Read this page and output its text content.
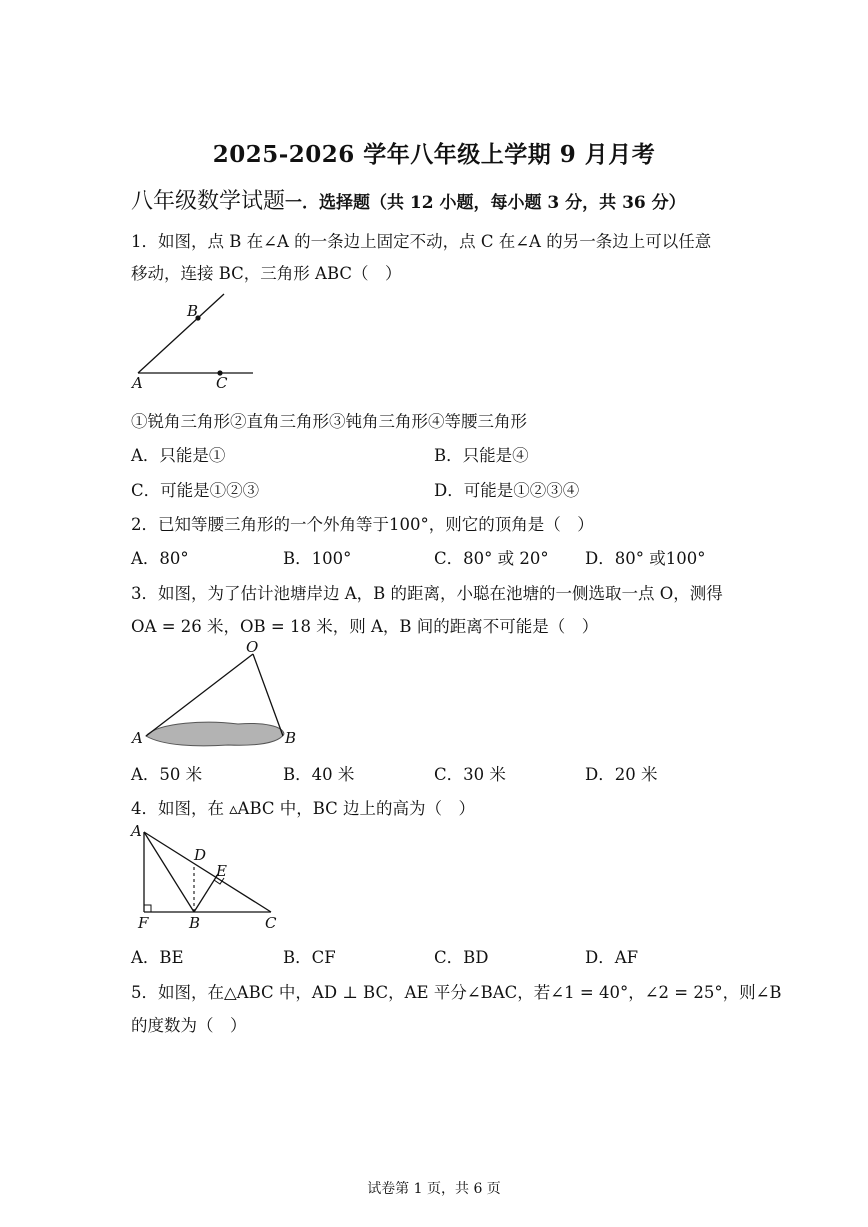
2025-2026 学年八年级上学期 9 月月考
八年级数学试题一．选择题（共 12 小题，每小题 3 分，共 36 分）
1．如图，点 B 在∠A 的一条边上固定不动，点 C 在∠A 的另一条边上可以任意
移动，连接 BC，三角形 ABC（　）
A
B
C
①锐角三角形②直角三角形③钝角三角形④等腰三角形
A．只能是①	B．只能是④
C．可能是①②③	D．可能是①②③④
2．已知等腰三角形的一个外角等于100°，则它的顶角是（　）
A．80°	B．100°	C．80° 或 20° D．80° 或100°
3．如图，为了估计池塘岸边 A，B 的距离，小聪在池塘的一侧选取一点 O，测得
OA = 26 米，OB = 18 米，则 A，B 间的距离不可能是（　）
O
A	B
A．50 米	B．40 米	C．30 米	D．20 米
4．如图，在 ▵ABC 中，BC 边上的高为（　）
A
D
E
F	B	C
A．BE	B．CF	C．BD	D．AF
5．如图，在△ABC 中，AD ⊥ BC，AE 平分∠BAC，若∠1 = 40°，∠2 = 25°，则∠B
的度数为（　）
试卷第 1 页，共 6 页
